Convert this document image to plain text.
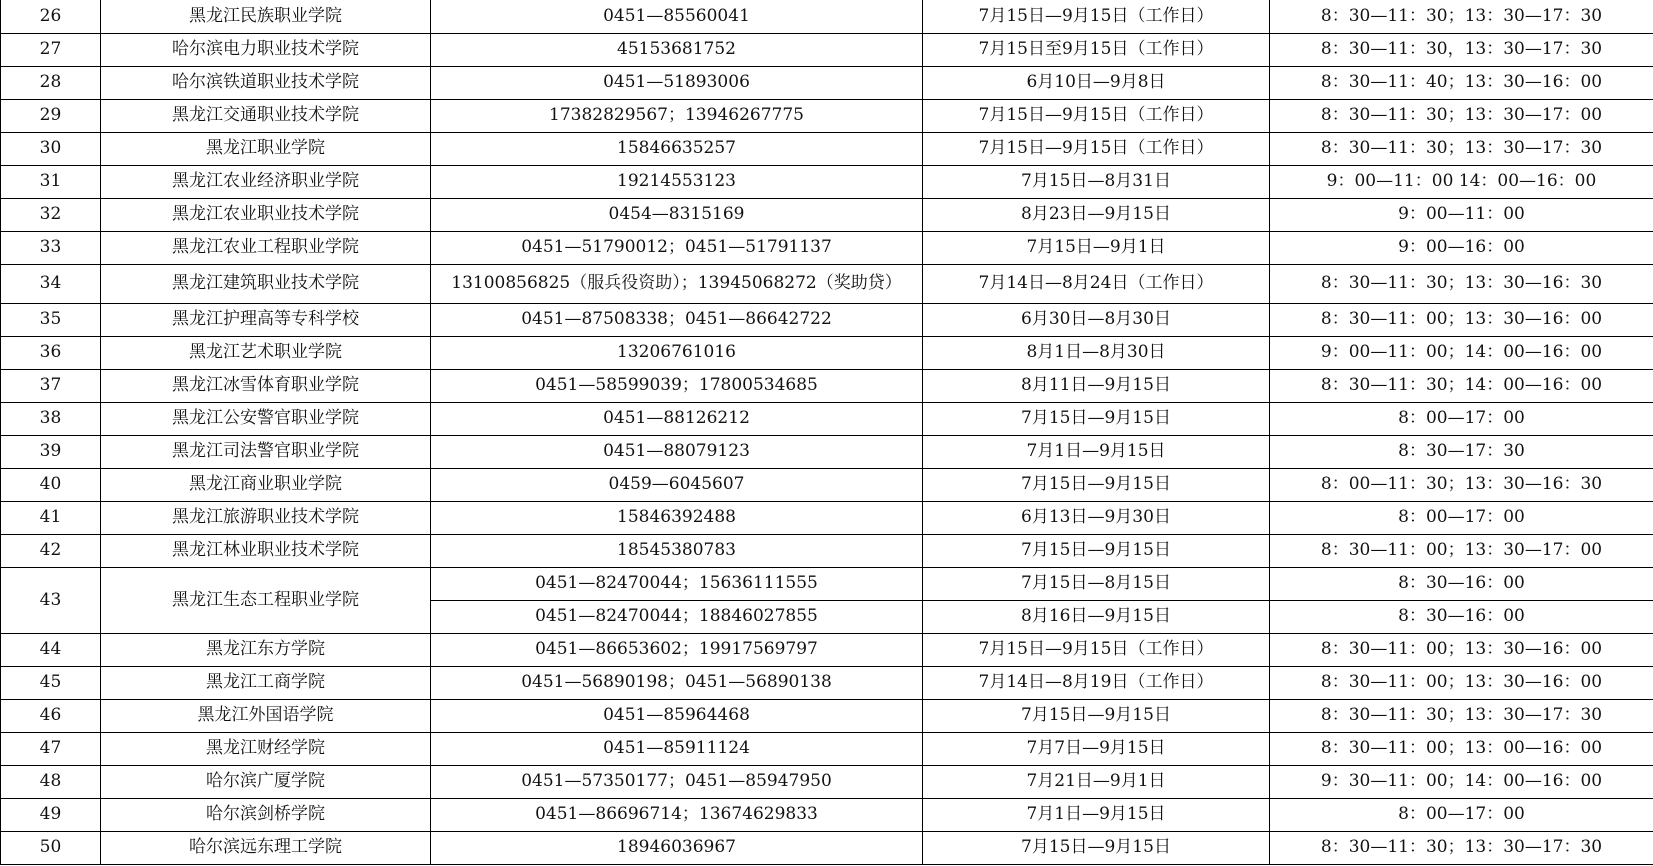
26	黑龙江民族职业学院	0451—85560041	7月15日—9月15日（工作日）	8：30—11：30；13：30—17：30
27	哈尔滨电力职业技术学院	45153681752	7月15日至9月15日（工作日）	8：30—11：30，13：30—17：30
28	哈尔滨铁道职业技术学院	0451—51893006	6月10日—9月8日	8：30—11：40；13：30—16：00
29	黑龙江交通职业技术学院	17382829567；13946267775	7月15日—9月15日（工作日）	8：30—11：30；13：30—17：00
30	黑龙江职业学院	15846635257	7月15日—9月15日（工作日）	8：30—11：30；13：30—17：30
31	黑龙江农业经济职业学院	19214553123	7月15日—8月31日	9：00—11：00 14：00—16：00
32	黑龙江农业职业技术学院	0454—8315169	8月23日—9月15日	9：00—11：00
33	黑龙江农业工程职业学院	0451—51790012；0451—51791137	7月15日—9月1日	9：00—16：00
34	黑龙江建筑职业技术学院	13100856825（服兵役资助）；13945068272（奖助贷）	7月14日—8月24日（工作日）	8：30—11：30；13：30—16：30
35	黑龙江护理高等专科学校	0451—87508338；0451—86642722	6月30日—8月30日	8：30—11：00；13：30—16：00
36	黑龙江艺术职业学院	13206761016	8月1日—8月30日	9：00—11：00；14：00—16：00
37	黑龙江冰雪体育职业学院	0451—58599039；17800534685	8月11日—9月15日	8：30—11：30；14：00—16：00
38	黑龙江公安警官职业学院	0451—88126212	7月15日—9月15日	8：00—17：00
39	黑龙江司法警官职业学院	0451—88079123	7月1日—9月15日	8：30—17：30
40	黑龙江商业职业学院	0459—6045607	7月15日—9月15日	8：00—11：30；13：30—16：30
41	黑龙江旅游职业技术学院	15846392488	6月13日—9月30日	8：00—17：00
42	黑龙江林业职业技术学院	18545380783	7月15日—9月15日	8：30—11：00；13：30—17：00
43	黑龙江生态工程职业学院	0451—82470044；15636111555	7月15日—8月15日	8：30—16：00
		0451—82470044；18846027855	8月16日—9月15日	8：30—16：00
44	黑龙江东方学院	0451—86653602；19917569797	7月15日—9月15日（工作日）	8：30—11：00；13：30—16：00
45	黑龙江工商学院	0451—56890198；0451—56890138	7月14日—8月19日（工作日）	8：30—11：00；13：30—16：00
46	黑龙江外国语学院	0451—85964468	7月15日—9月15日	8：30—11：30；13：30—17：30
47	黑龙江财经学院	0451—85911124	7月7日—9月15日	8：30—11：00；13：00—16：00
48	哈尔滨广厦学院	0451—57350177；0451—85947950	7月21日—9月1日	9：30—11：00；14：00—16：00
49	哈尔滨剑桥学院	0451—86696714；13674629833	7月1日—9月15日	8：00—17：00
50	哈尔滨远东理工学院	18946036967	7月15日—9月15日	8：30—11：30；13：30—17：30
